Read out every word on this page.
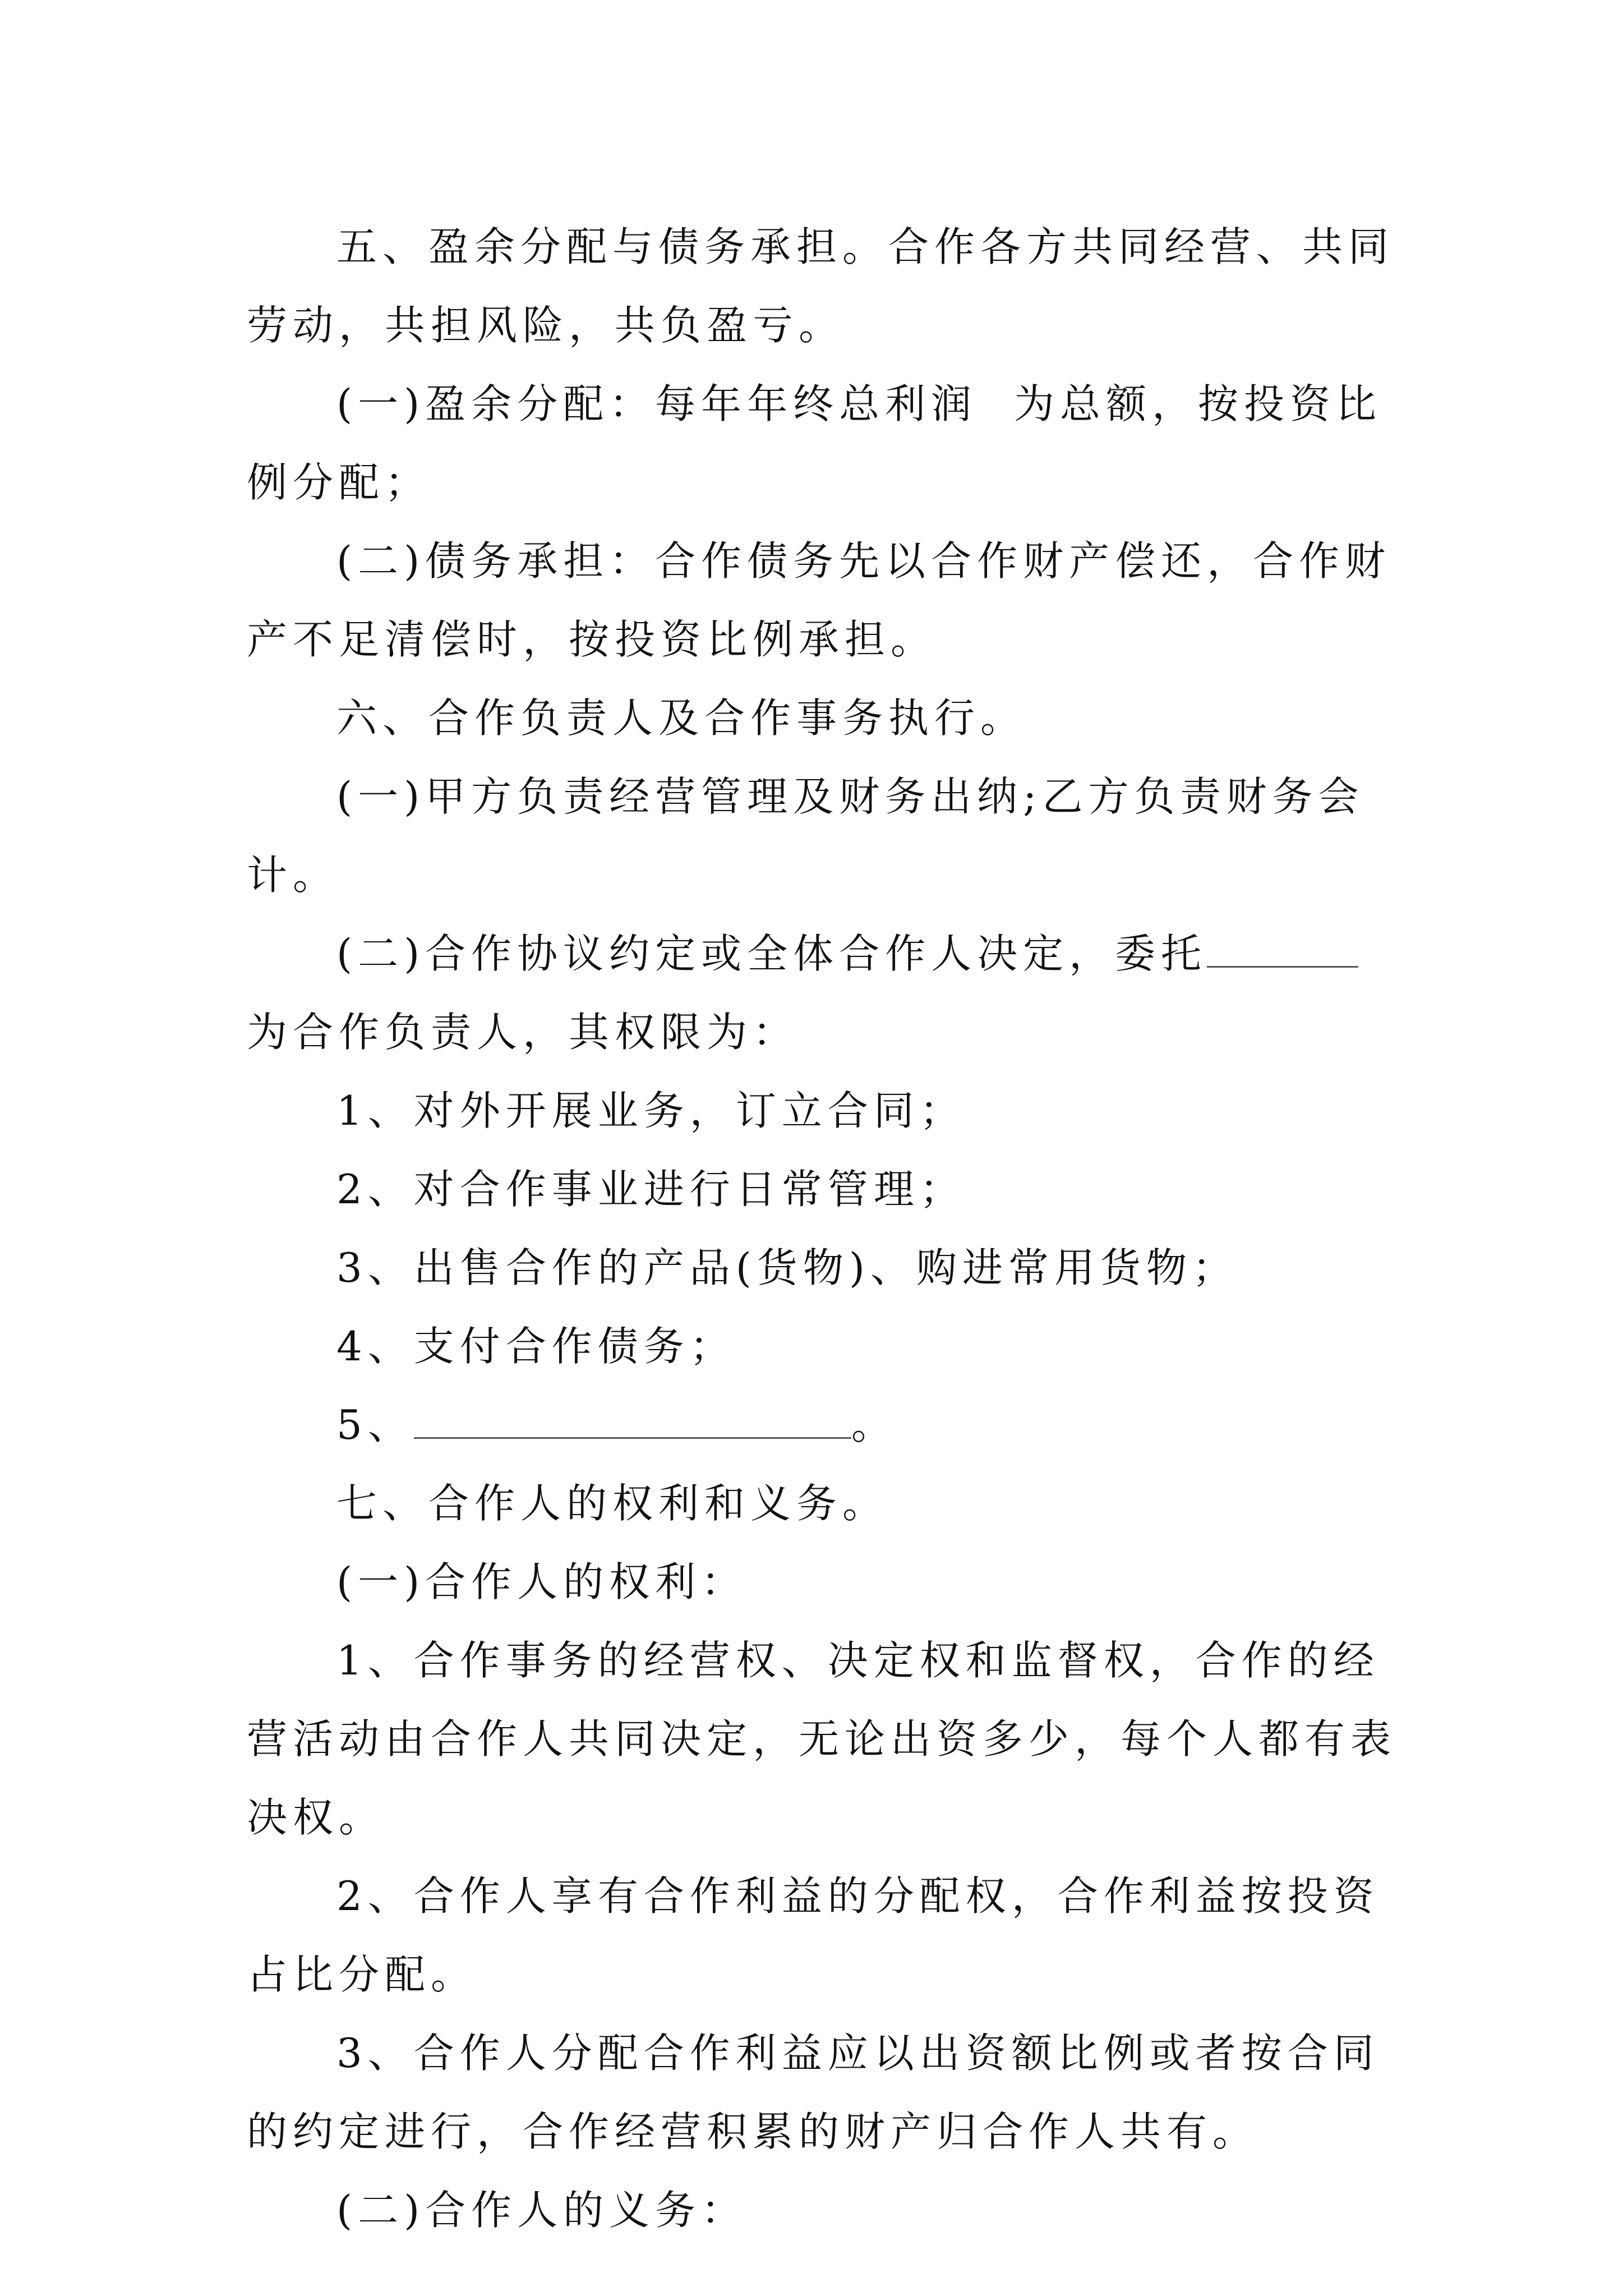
五、盈余分配与债务承担。合作各方共同经营、共同劳动，共担风险，共负盈亏。

(一)盈余分配：每年年终总利润  为总额，按投资比例分配；

(二)债务承担：合作债务先以合作财产偿还，合作财产不足清偿时，按投资比例承担。

六、合作负责人及合作事务执行。

(一)甲方负责经营管理及财务出纳;乙方负责财务会计。

(二)合作协议约定或全体合作人决定，委托为合作负责人，其权限为：

1、对外开展业务，订立合同；

2、对合作事业进行日常管理；

3、出售合作的产品(货物)、购进常用货物；

4、支付合作债务；

5、	。

七、合作人的权利和义务。

(一)合作人的权利：

1、合作事务的经营权、决定权和监督权，合作的经营活动由合作人共同决定，无论出资多少，每个人都有表决权。

2、合作人享有合作利益的分配权，合作利益按投资占比分配。

3、合作人分配合作利益应以出资额比例或者按合同的约定进行，合作经营积累的财产归合作人共有。

(二)合作人的义务：
